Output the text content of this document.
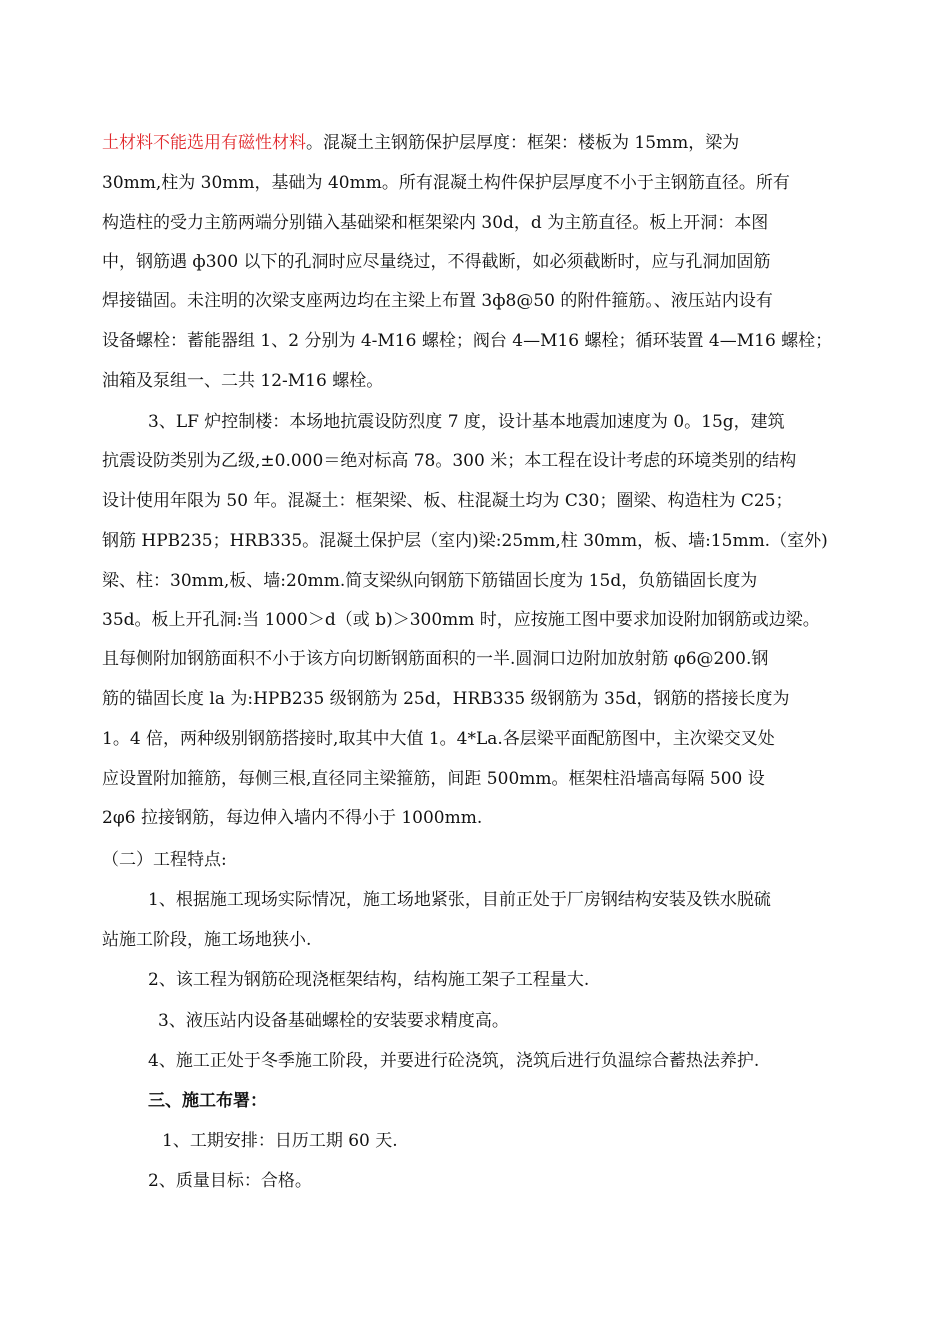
土材料不能选用有磁性材料。混凝土主钢筋保护层厚度：框架：楼板为 15mm，梁为
30mm,柱为 30mm，基础为 40mm。所有混凝土构件保护层厚度不小于主钢筋直径。所有
构造柱的受力主筋两端分别锚入基础梁和框架梁内 30d，d 为主筋直径。板上开洞：本图
中，钢筋遇 ф300 以下的孔洞时应尽量绕过，不得截断，如必须截断时，应与孔洞加固筋
焊接锚固。未注明的次梁支座两边均在主梁上布置 3ф8@50 的附件箍筋。、液压站内设有
设备螺栓：蓄能器组 1、2 分别为 4-M16 螺栓；阀台 4—M16 螺栓；循环装置 4—M16 螺栓；
油箱及泵组一、二共 12-M16 螺栓。
3、LF 炉控制楼：本场地抗震设防烈度 7 度，设计基本地震加速度为 0。15g，建筑
抗震设防类别为乙级,±0.000＝绝对标高 78。300 米；本工程在设计考虑的环境类别的结构
设计使用年限为 50 年。混凝土：框架梁、板、柱混凝土均为 C30；圈梁、构造柱为 C25；
钢筋 HPB235；HRB335。混凝土保护层（室内)梁:25mm,柱 30mm，板、墙:15mm.（室外)
梁、柱：30mm,板、墙:20mm.简支梁纵向钢筋下筋锚固长度为 15d，负筋锚固长度为
35d。板上开孔洞:当 1000＞d（或 b)＞300mm 时，应按施工图中要求加设附加钢筋或边梁。
且每侧附加钢筋面积不小于该方向切断钢筋面积的一半.圆洞口边附加放射筋 φ6@200.钢
筋的锚固长度 la 为:HPB235 级钢筋为 25d，HRB335 级钢筋为 35d，钢筋的搭接长度为
1。4 倍，两种级别钢筋搭接时,取其中大值 1。4*La.各层梁平面配筋图中，主次梁交叉处
应设置附加箍筋，每侧三根,直径同主梁箍筋，间距 500mm。框架柱沿墙高每隔 500 设
2φ6 拉接钢筋，每边伸入墙内不得小于 1000mm.
（二）工程特点:
1、根据施工现场实际情况，施工场地紧张，目前正处于厂房钢结构安装及铁水脱硫
站施工阶段，施工场地狭小.
2、该工程为钢筋砼现浇框架结构，结构施工架子工程量大.
3、液压站内设备基础螺栓的安装要求精度高。
4、施工正处于冬季施工阶段，并要进行砼浇筑，浇筑后进行负温综合蓄热法养护.
三、施工布署：
1、工期安排：日历工期 60 天.
2、质量目标：合格。
